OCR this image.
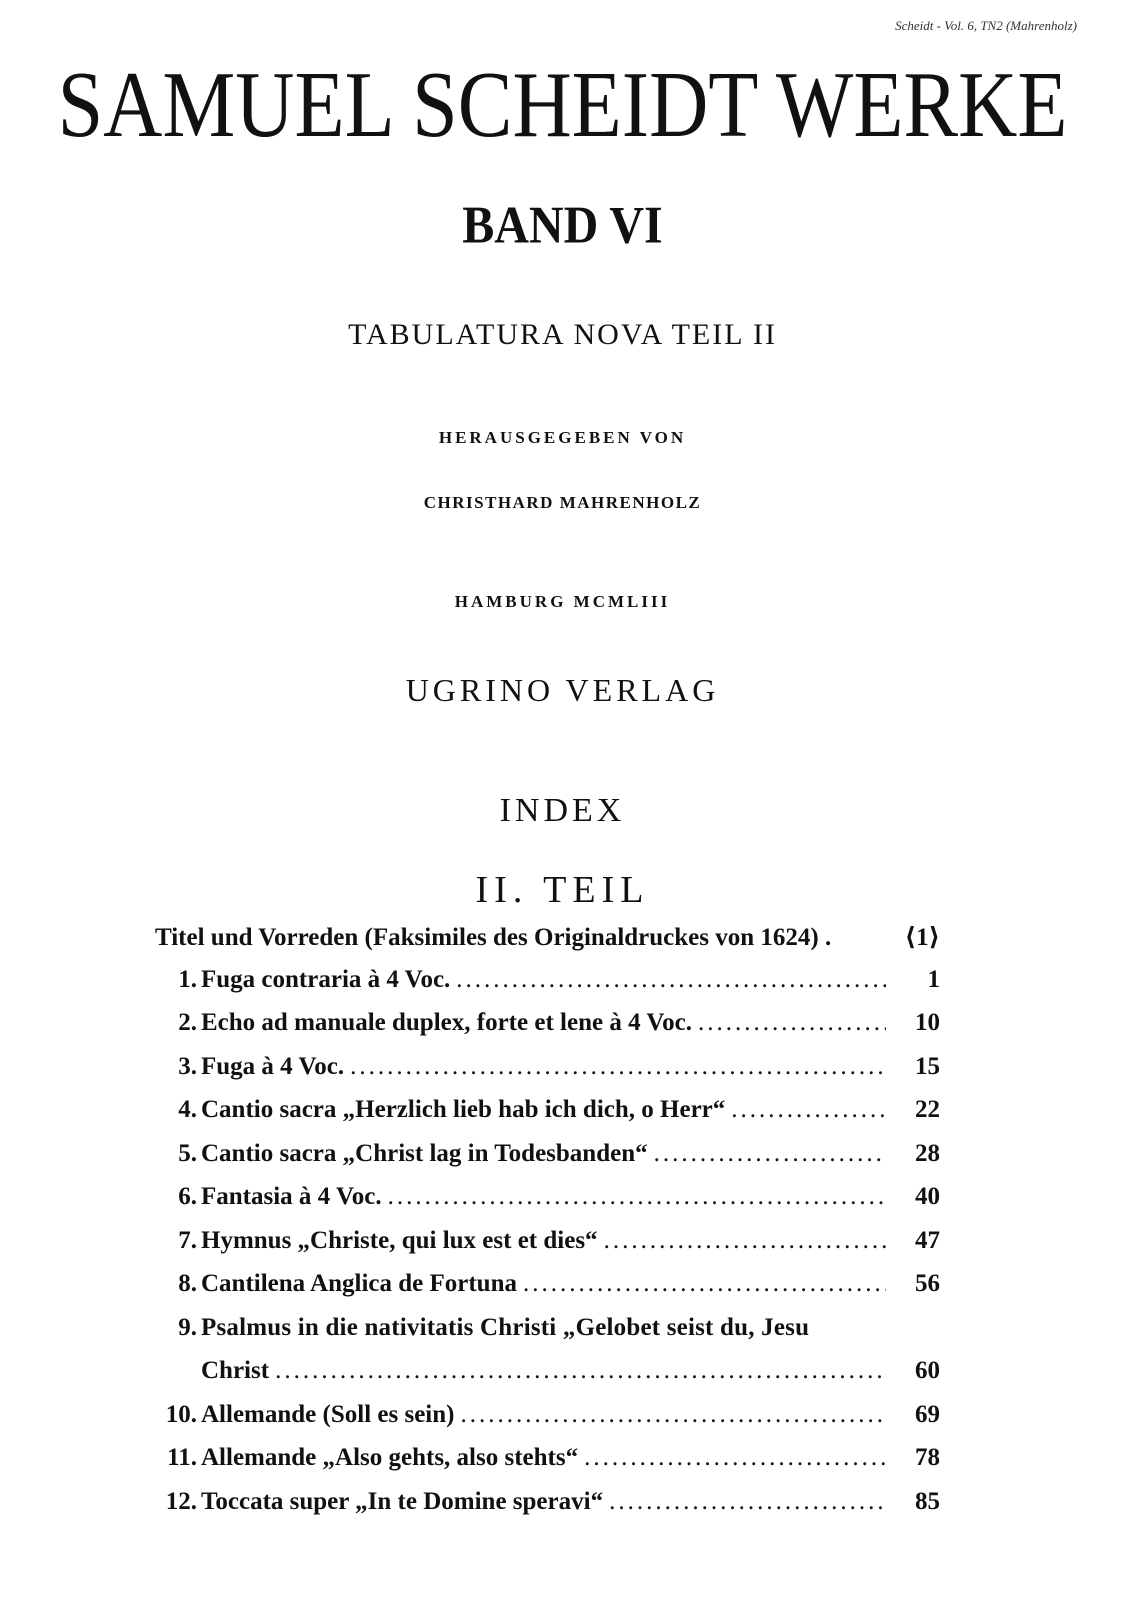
Scheidt - Vol. 6, TN2 (Mahrenholz)
SAMUEL SCHEIDT WERKE
BAND VI
TABULATURA NOVA TEIL II
HERAUSGEGEBEN VON
CHRISTHARD MAHRENHOLZ
HAMBURG MCMLIII
UGRINO VERLAG
INDEX
II. TEIL
Titel und Vorreden (Faksimiles des Originaldruckes von 1624) .	⟨1⟩
1. Fuga contraria à 4 Voc. .....	1
2. Echo ad manuale duplex, forte et lene à 4 Voc. .....	10
3. Fuga à 4 Voc. .....	15
4. Cantio sacra „Herzlich lieb hab ich dich, o Herr“ .....	22
5. Cantio sacra „Christ lag in Todesbanden“ .....	28
6. Fantasia à 4 Voc. .....	40
7. Hymnus „Christe, qui lux est et dies“ .....	47
8. Cantilena Anglica de Fortuna .....	56
9. Psalmus in die nativitatis Christi „Gelobet seist du, Jesu
Christ .....	60
10. Allemande (Soll es sein) .....	69
11. Allemande „Also gehts, also stehts“ .....	78
12. Toccata super „In te Domine speravi“ .....	85
